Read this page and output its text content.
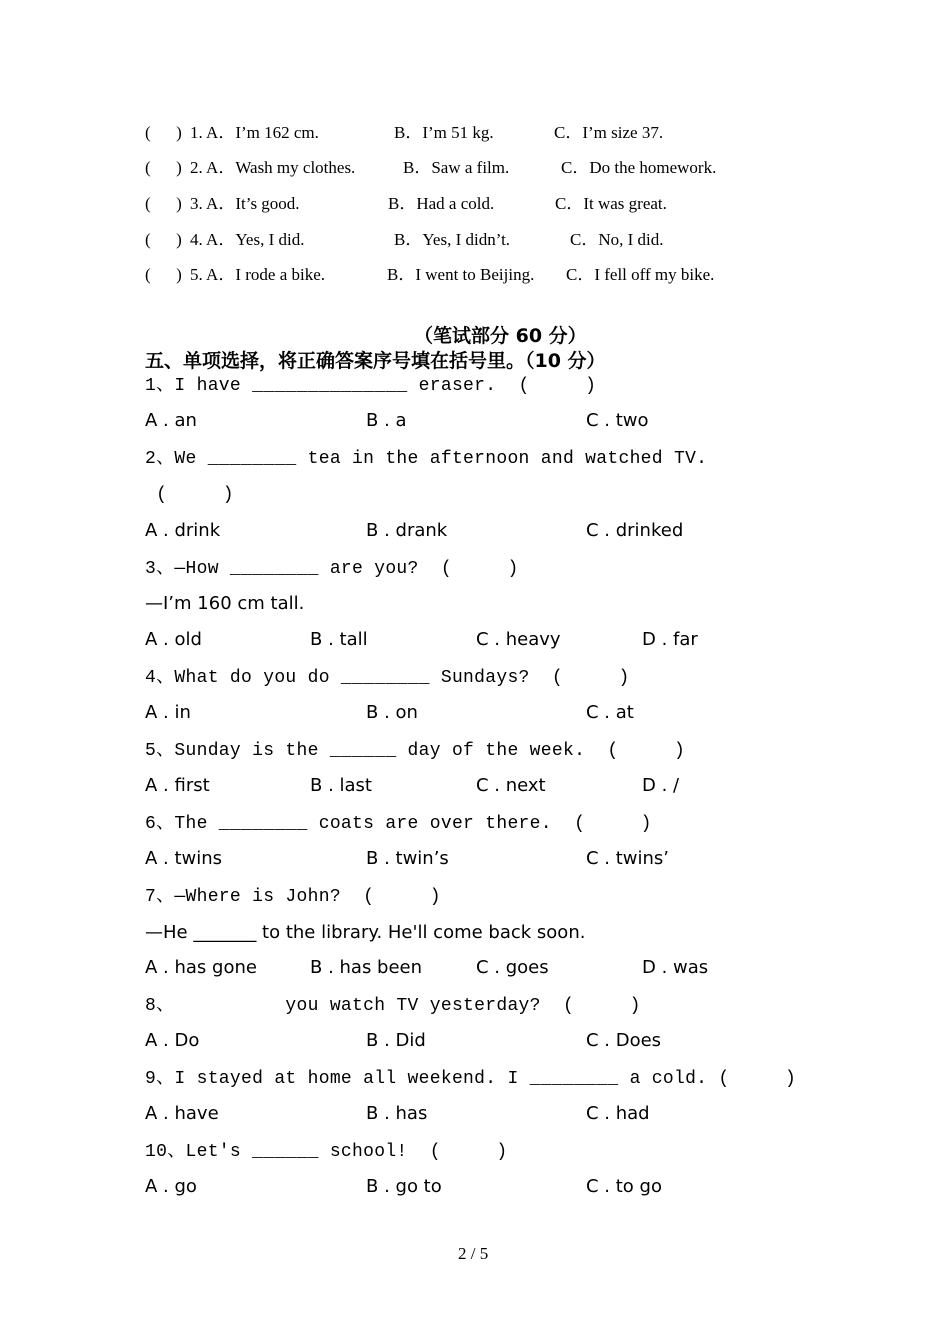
(      ) 1. A．I’m 162 cm.	B．I’m 51 kg.	C．I’m size 37.
(      ) 2. A．Wash my clothes.	B．Saw a film.	C．Do the homework.
(      ) 3. A．It’s good.	B．Had a cold.	C．It was great.
(      ) 4. A．Yes, I did.	B．Yes, I didn’t.	C．No, I did.
(      ) 5. A．I rode a bike.	B．I went to Beijing. C．I fell off my bike.
（笔试部分 60 分）
五、单项选择，将正确答案序号填在括号里。（10 分）
1、I have ______________ eraser.  (     )
A . an	B . a	C . two
2、We ________ tea in the afternoon and watched TV.
(     )
A . drink	B . drank	C . drinked
3、—How ________ are you?  (     )
—I’m 160 cm tall.
A . old	B . tall	C . heavy	D . far
4、What do you do ________ Sundays?  (     )
A . in	B . on	C . at
5、Sunday is the ______ day of the week.  (     )
A . first	B . last	C . next	D . /
6、The ________ coats are over there.  (     )
A . twins	B . twin’s	C . twins’
7、—Where is John?  (     )
—He _______ to the library. He'll come back soon.
A . has gone	B . has been	C . goes	D . was
8、          you watch TV yesterday?  (     )
A . Do	B . Did	C . Does
9、I stayed at home all weekend. I ________ a cold. (     )
A . have	B . has	C . had
10、Let's ______ school!  (     )
A . go	B . go to	C . to go
2 / 5
